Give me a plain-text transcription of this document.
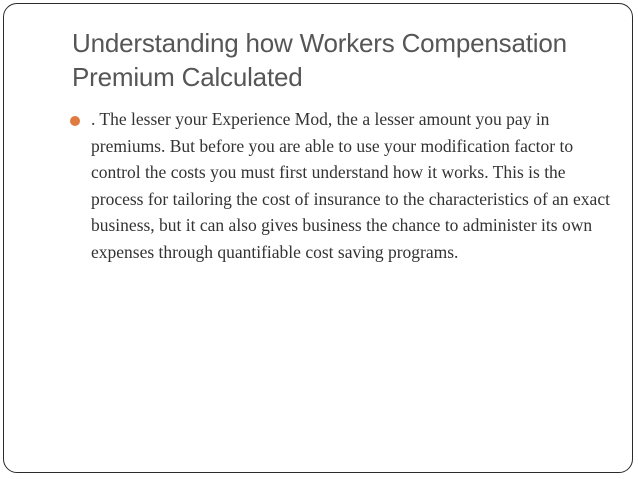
Understanding how Workers Compensation Premium Calculated

. The lesser your Experience Mod, the a lesser amount you pay in premiums. But before you are able to use your modification factor to control the costs you must first understand how it works. This is the process for tailoring the cost of insurance to the characteristics of an exact business, but it can also gives business the chance to administer its own expenses through quantifiable cost saving programs.
